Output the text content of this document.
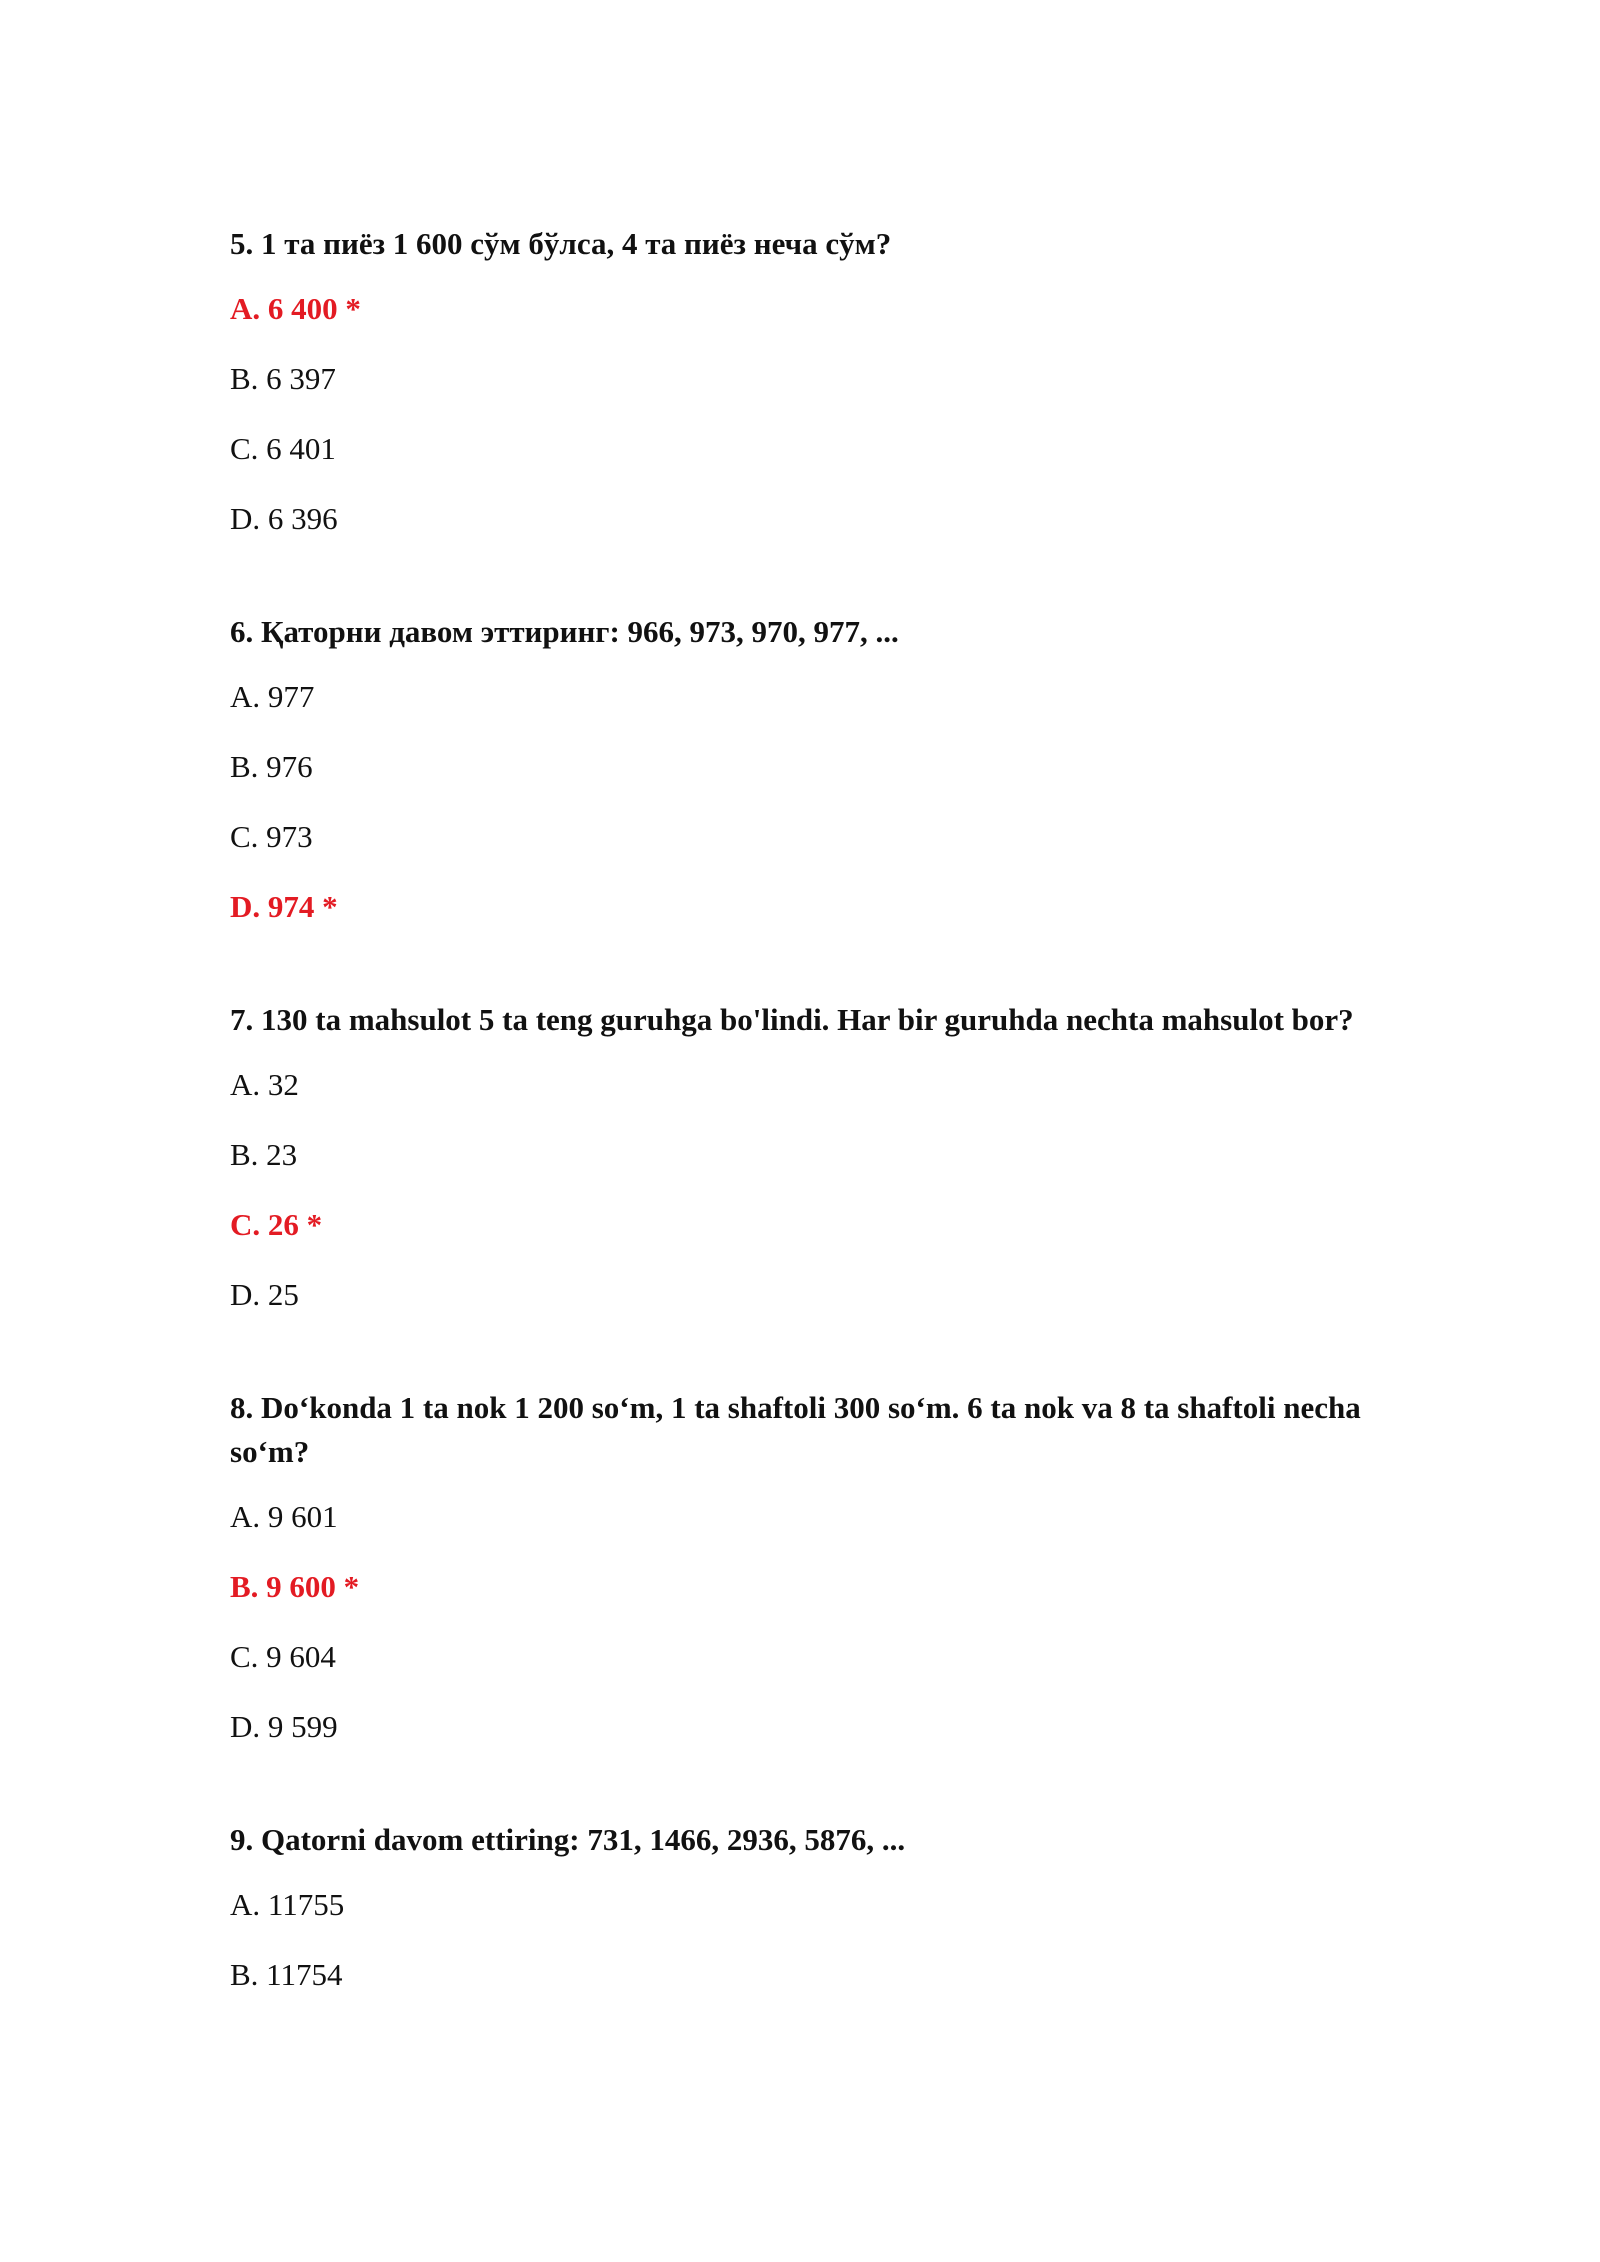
5. 1 та пиёз 1 600 сўм бўлса, 4 та пиёз неча сўм?
A. 6 400 *
B. 6 397
C. 6 401
D. 6 396
6. Қаторни давом эттиринг: 966, 973, 970, 977, ...
A. 977
B. 976
C. 973
D. 974 *
7. 130 ta mahsulot 5 ta teng guruhga bo'lindi. Har bir guruhda nechta mahsulot bor?
A. 32
B. 23
C. 26 *
D. 25
8. Do‘konda 1 ta nok 1 200 so‘m, 1 ta shaftoli 300 so‘m. 6 ta nok va 8 ta shaftoli necha so‘m?
A. 9 601
B. 9 600 *
C. 9 604
D. 9 599
9. Qatorni davom ettiring: 731, 1466, 2936, 5876, ...
A. 11755
B. 11754
